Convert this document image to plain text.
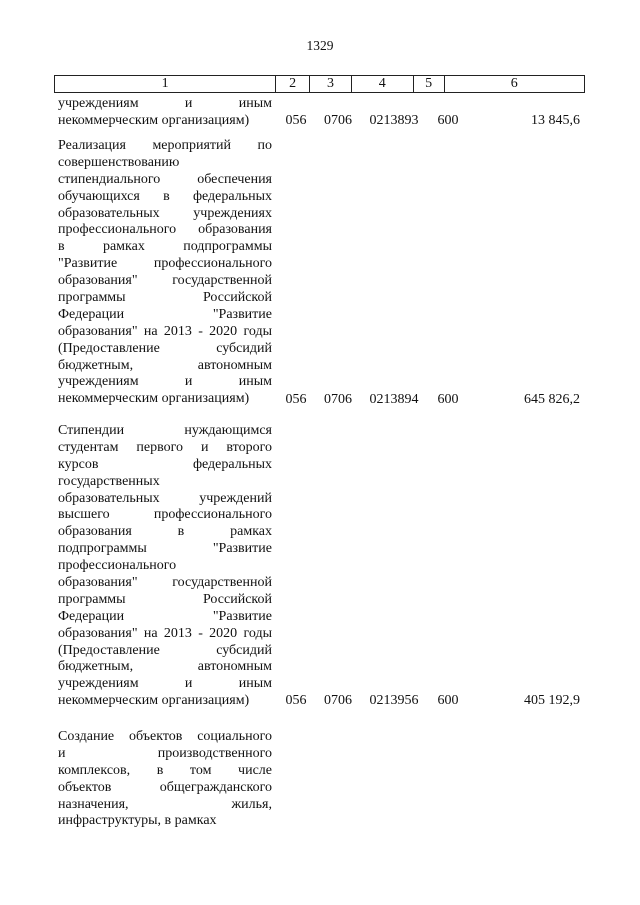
1329
1	2	3	4	5	6
учреждениям и иным
некоммерческим организациям)	056	0706	0213893	600	13 845,6
Реализация мероприятий по
совершенствованию
стипендиального обеспечения
обучающихся в федеральных
образовательных учреждениях
профессионального образования
в рамках подпрограммы
"Развитие профессионального
образования" государственной
программы Российской
Федерации "Развитие
образования" на 2013 - 2020 годы
(Предоставление субсидий
бюджетным, автономным
учреждениям и иным
некоммерческим организациям)	056	0706	0213894	600	645 826,2
Стипендии нуждающимся
студентам первого и второго
курсов федеральных
государственных
образовательных учреждений
высшего профессионального
образования в рамках
подпрограммы "Развитие
профессионального
образования" государственной
программы Российской
Федерации "Развитие
образования" на 2013 - 2020 годы
(Предоставление субсидий
бюджетным, автономным
учреждениям и иным
некоммерческим организациям)	056	0706	0213956	600	405 192,9
Создание объектов социального
и производственного
комплексов, в том числе
объектов общегражданского
назначения, жилья,
инфраструктуры, в рамках
